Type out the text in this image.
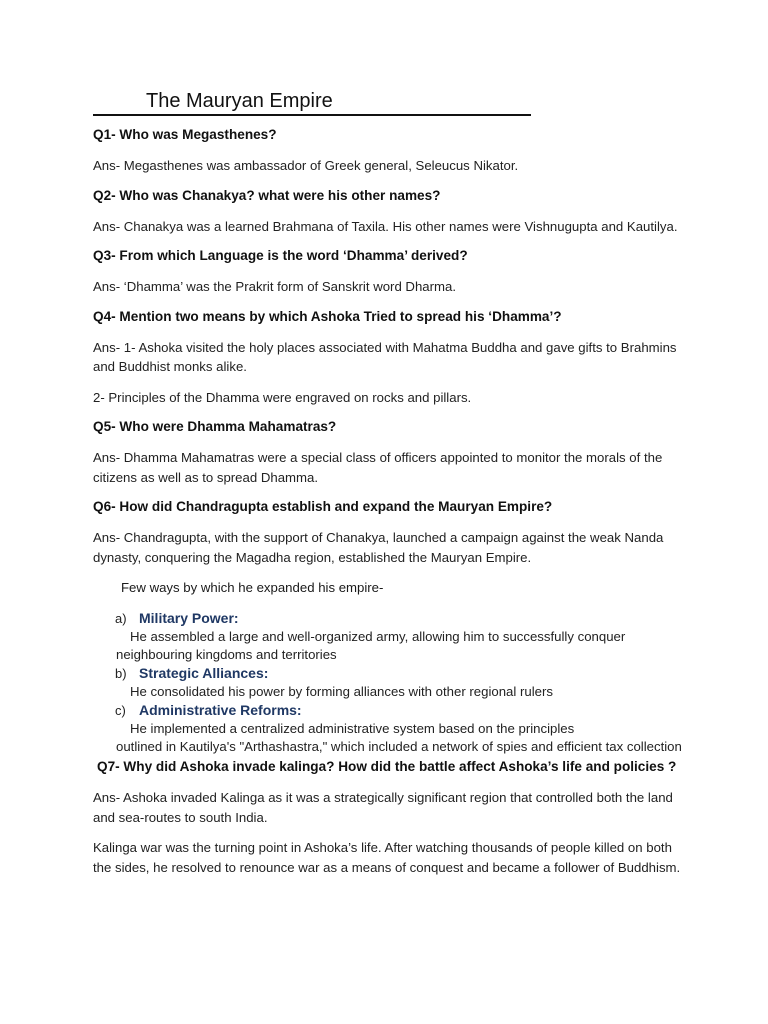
The Mauryan Empire
Q1- Who was Megasthenes?
Ans- Megasthenes was ambassador of Greek general, Seleucus Nikator.
Q2- Who was Chanakya? what were his other names?
Ans- Chanakya was a learned Brahmana of Taxila. His other names were Vishnugupta and Kautilya.
Q3- From which Language is the word ‘Dhamma’ derived?
Ans- ‘Dhamma’ was the Prakrit form of Sanskrit word Dharma.
Q4- Mention two means by which Ashoka Tried to spread his ‘Dhamma’?
Ans- 1- Ashoka visited the holy places associated with Mahatma Buddha and gave gifts to Brahmins and Buddhist monks alike.
2- Principles of the Dhamma were engraved on rocks and pillars.
Q5- Who were Dhamma Mahamatras?
Ans- Dhamma Mahamatras were a special class of officers appointed to monitor the morals of the citizens as well as to spread Dhamma.
Q6- How did Chandragupta establish and expand the Mauryan Empire?
Ans- Chandragupta, with the support of Chanakya, launched a campaign against the weak Nanda dynasty, conquering the Magadha region, established the Mauryan Empire.
Few ways by which he expanded his empire-
a) Military Power:
He assembled a large and well-organized army, allowing him to successfully conquer
neighbouring kingdoms and territories
b) Strategic Alliances:
He consolidated his power by forming alliances with other regional rulers
c) Administrative Reforms:
He implemented a centralized administrative system based on the principles
outlined in Kautilya's "Arthashastra," which included a network of spies and efficient tax collection
Q7- Why did Ashoka invade kalinga? How did the battle affect Ashoka’s life and policies ?
Ans- Ashoka invaded Kalinga as it was a strategically significant region that controlled both the land and sea-routes to south India.
Kalinga war was the turning point in Ashoka’s life. After watching thousands of people killed on both the sides, he resolved to renounce war as a means of conquest and became a follower of Buddhism.
